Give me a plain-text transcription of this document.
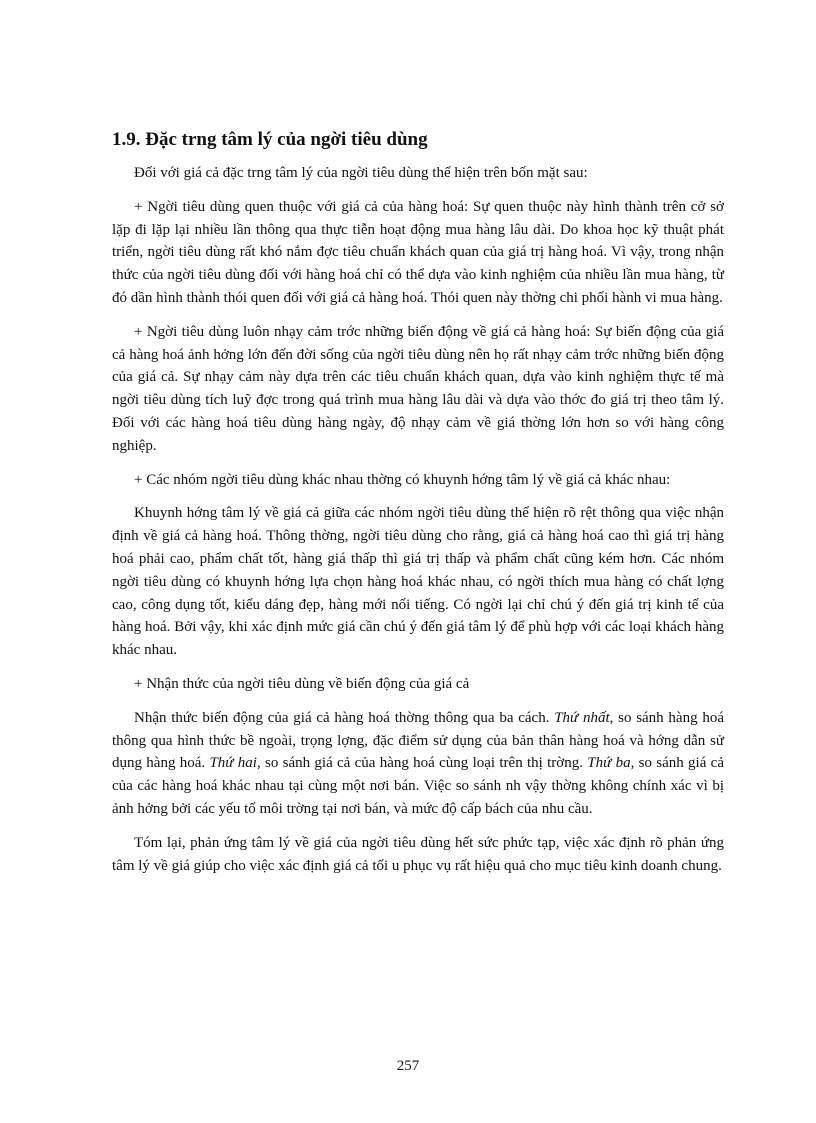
1.9. Đặc trng tâm lý của ngời tiêu dùng

Đối với giá cả đặc trng tâm lý của ngời tiêu dùng thể hiện trên bốn mặt sau:

+ Ngời tiêu dùng quen thuộc với giá cả của hàng hoá: Sự quen thuộc này hình thành trên cở sở lặp đi lặp lại nhiều lần thông qua thực tiễn hoạt động mua hàng lâu dài. Do khoa học kỹ thuật phát triển, ngời tiêu dùng rất khó nắm đợc tiêu chuẩn khách quan của giá trị hàng hoá. Vì vậy, trong nhận thức của ngời tiêu dùng đối với hàng hoá chỉ có thể dựa vào kinh nghiệm của nhiều lần mua hàng, từ đó dần hình thành thói quen đối với giá cả hàng hoá. Thói quen này thờng chi phối hành vi mua hàng.

+ Ngời tiêu dùng luôn nhạy cảm trớc những biến động về giá cả hàng hoá: Sự biến động của giá cả hàng hoá ảnh hởng lớn đến đời sống của ngời tiêu dùng nên họ rất nhạy cảm trớc những biến động của giá cả. Sự nhạy cảm này dựa trên các tiêu chuẩn khách quan, dựa vào kinh nghiệm thực tế mà ngời tiêu dùng tích luỹ đợc trong quá trình mua hàng lâu dài và dựa vào thớc đo giá trị theo tâm lý. Đối với các hàng hoá tiêu dùng hàng ngày, độ nhạy cảm về giá thờng lớn hơn so với hàng công nghiệp.

+ Các nhóm ngời tiêu dùng khác nhau thờng có khuynh hớng tâm lý về giá cả khác nhau:

Khuynh hớng tâm lý về giá cả giữa các nhóm ngời tiêu dùng thể hiện rõ rệt thông qua việc nhận định về giá cả hàng hoá. Thông thờng, ngời tiêu dùng cho rằng, giá cả hàng hoá cao thì giá trị hàng hoá phải cao, phẩm chất tốt, hàng giá thấp thì giá trị thấp và phẩm chất cũng kém hơn. Các nhóm ngời tiêu dùng có khuynh hớng lựa chọn hàng hoá khác nhau, có ngời thích mua hàng có chất lợng cao, công dụng tốt, kiểu dáng đẹp, hàng mới nổi tiếng. Có ngời lại chỉ chú ý đến giá trị kinh tế của hàng hoá. Bởi vậy, khi xác định mức giá cần chú ý đến giá tâm lý để phù hợp với các loại khách hàng khác nhau.

+ Nhận thức của ngời tiêu dùng về biến động của giá cả

Nhận thức biến động của giá cả hàng hoá thờng thông qua ba cách. Thứ nhất, so sánh hàng hoá thông qua hình thức bề ngoài, trọng lợng, đặc điểm sử dụng của bản thân hàng hoá và hớng dẫn sử dụng hàng hoá. Thứ hai, so sánh giá cả của hàng hoá cùng loại trên thị trờng. Thứ ba, so sánh giá cả của các hàng hoá khác nhau tại cùng một nơi bán. Việc so sánh nh vậy thờng không chính xác vì bị ảnh hởng bởi các yếu tố môi trờng tại nơi bán, và mức độ cấp bách của nhu cầu.

Tóm lại, phản ứng tâm lý về giá của ngời tiêu dùng hết sức phức tạp, việc xác định rõ phản ứng tâm lý về giá giúp cho việc xác định giá cả tối u phục vụ rất hiệu quả cho mục tiêu kinh doanh chung.

257
